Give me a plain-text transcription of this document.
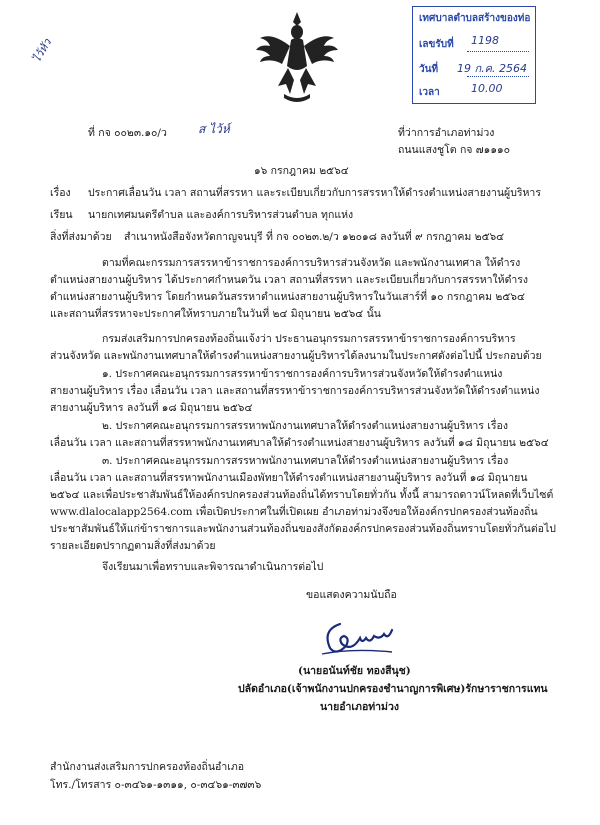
ไว้หัว
เทศบาลตำบลสร้างของท่อ
เลขรับที่ 1198
วันที่ 19 ก.ค. 2564
เวลา	10.00
ที่ กจ ๐๐๒๓.๑๐/ว	ส ไว้ห์	ที่ว่าการอำเภอท่าม่วง
ถนนแสงชูโต กจ ๗๑๑๑๐
๑๖ กรกฎาคม ๒๕๖๔
เรื่อง ประกาศเลื่อนวัน เวลา สถานที่สรรหา และระเบียบเกี่ยวกับการสรรหาให้ดำรงตำแหน่งสายงานผู้บริหาร
เรียน นายกเทศมนตรีตำบล และองค์การบริหารส่วนตำบล ทุกแห่ง
สิ่งที่ส่งมาด้วย สำเนาหนังสือจังหวัดกาญจนบุรี ที่ กจ ๐๐๒๓.๒/ว ๑๒๐๑๘ ลงวันที่ ๙ กรกฎาคม ๒๕๖๔
ตามที่คณะกรรมการสรรหาข้าราชการองค์การบริหารส่วนจังหวัด และพนักงานเทศาล ให้ดำรง
ตำแหน่งสายงานผู้บริหาร ได้ประกาศกำหนดวัน เวลา สถานที่สรรหา และระเบียบเกี่ยวกับการสรรหาให้ดำรง
ตำแหน่งสายงานผู้บริหาร โดยกำหนดวันสรรหาตำแหน่งสายงานผู้บริหารในวันเสาร์ที่ ๑๐ กรกฎาคม ๒๕๖๔
และสถานที่สรรหาจะประกาศให้ทราบภายในวันที่ ๒๔ มิถุนายน ๒๕๖๔ นั้น
กรมส่งเสริมการปกครองท้องถิ่นแจ้งว่า ประธานอนุกรรมการสรรหาข้าราชการองค์การบริหาร
ส่วนจังหวัด และพนักงานเทศบาลให้ดำรงตำแหน่งสายงานผู้บริหารได้ลงนามในประกาศดังต่อไปนี้ ประกอบด้วย
๑. ประกาศคณะอนุกรรมการสรรหาข้าราชการองค์การบริหารส่วนจังหวัดให้ดำรงตำแหน่ง
สายงานผู้บริหาร เรื่อง เลื่อนวัน เวลา และสถานที่สรรหาข้าราชการองค์การบริหารส่วนจังหวัดให้ดำรงตำแหน่ง
สายงานผู้บริหาร ลงวันที่ ๑๘ มิถุนายน ๒๕๖๔
๒. ประกาศคณะอนุกรรมการสรรหาพนักงานเทศบาลให้ดำรงตำแหน่งสายงานผู้บริหาร เรื่อง
เลื่อนวัน เวลา และสถานที่สรรหาพนักงานเทศบาลให้ดำรงตำแหน่งสายงานผู้บริหาร ลงวันที่ ๑๘ มิถุนายน ๒๕๖๔
๓. ประกาศคณะอนุกรรมการสรรหาพนักงานเทศบาลให้ดำรงตำแหน่งสายงานผู้บริหาร เรื่อง
เลื่อนวัน เวลา และสถานที่สรรหาพนักงานเมืองพัทยาให้ดำรงตำแหน่งสายงานผู้บริหาร ลงวันที่ ๑๘ มิถุนายน
๒๕๖๔ และเพื่อประชาสัมพันธ์ให้องค์กรปกครองส่วนท้องถิ่นได้ทราบโดยทั่วกัน ทั้งนี้ สามารถดาวน์โหลดที่เว็บไซต์
www.dlalocalapp2564.com เพื่อเปิดประกาศในที่เปิดเผย อำเภอท่าม่วงจึงขอให้องค์กรปกครองส่วนท้องถิ่น
ประชาสัมพันธ์ให้แก่ข้าราชการและพนักงานส่วนท้องถิ่นของสังกัดองค์กรปกครองส่วนท้องถิ่นทราบโดยทั่วกันต่อไป
รายละเอียดปรากฏตามสิ่งที่ส่งมาด้วย
จึงเรียนมาเพื่อทราบและพิจารณาดำเนินการต่อไป
ขอแสดงความนับถือ
(นายอนันท์ชัย ทองสีนุช)
ปลัดอำเภอ(เจ้าพนักงานปกครองชำนาญการพิเศษ)รักษาราชการแทน
นายอำเภอท่าม่วง
สำนักงานส่งเสริมการปกครองท้องถิ่นอำเภอ
โทร./โทรสาร ๐-๓๔๖๑-๑๓๑๑, ๐-๓๔๖๑-๓๗๓๖
